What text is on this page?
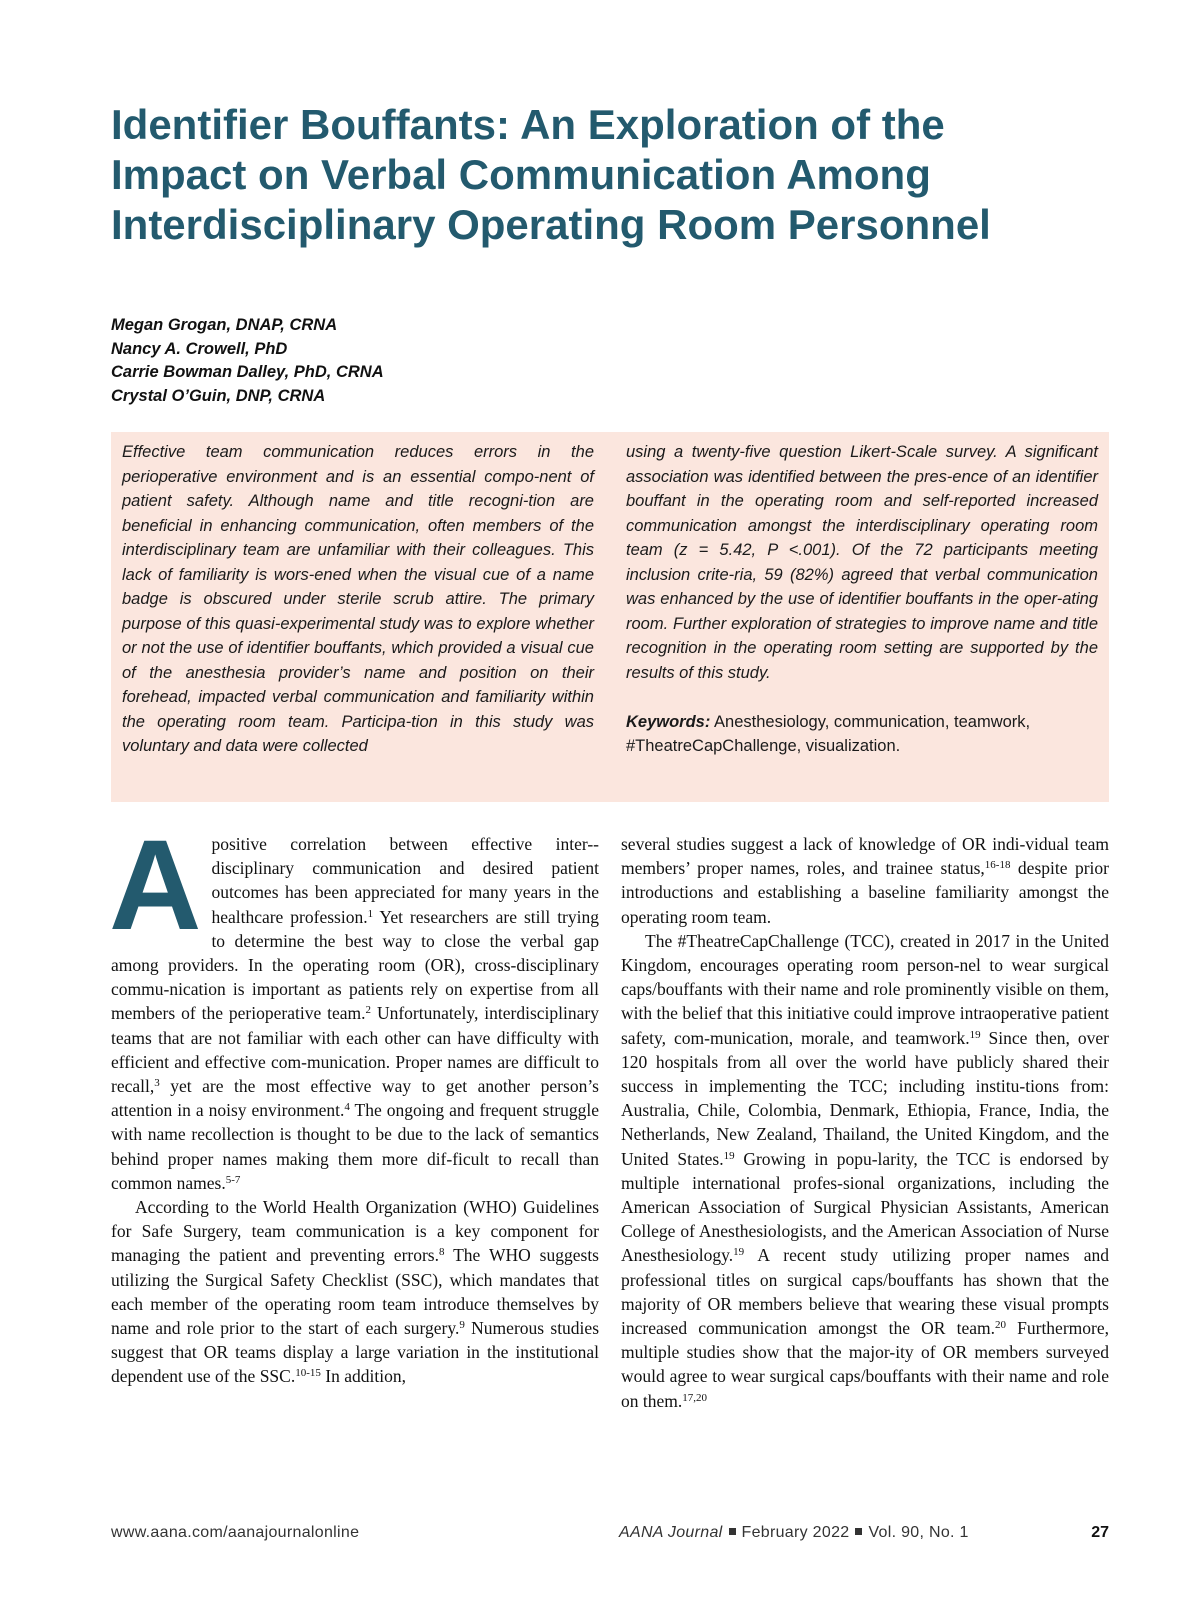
Identifier Bouffants: An Exploration of the
Impact on Verbal Communication Among
Interdisciplinary Operating Room Personnel
Megan Grogan, DNAP, CRNA
Nancy A. Crowell, PhD
Carrie Bowman Dalley, PhD, CRNA
Crystal O’Guin, DNP, CRNA

Effective team communication reduces errors in the perioperative environment and is an essential compo-nent of patient safety. Although name and title recogni-tion are beneficial in enhancing communication, often members of the interdisciplinary team are unfamiliar with their colleagues. This lack of familiarity is wors-ened when the visual cue of a name badge is obscured under sterile scrub attire. The primary purpose of this quasi-experimental study was to explore whether or not the use of identifier bouffants, which provided a visual cue of the anesthesia provider’s name and position on their forehead, impacted verbal communication and familiarity within the operating room team. Participa-tion in this study was voluntary and data were collected

using a twenty-five question Likert-Scale survey. A significant association was identified between the pres-ence of an identifier bouffant in the operating room and self-reported increased communication amongst the interdisciplinary operating room team (z = 5.42, P <.001). Of the 72 participants meeting inclusion crite-ria, 59 (82%) agreed that verbal communication was enhanced by the use of identifier bouffants in the oper-ating room. Further exploration of strategies to improve name and title recognition in the operating room setting are supported by the results of this study.

Keywords: Anesthesiology, communication, teamwork, #TheatreCapChallenge, visualization.

Apositive correlation between effective inter-disciplinary communication and desired patient outcomes has been appreciated for many years in the healthcare profession.$^1$ Yet researchers are still trying to determine the best way to close the verbal gap among providers. In the operating room (OR), cross-disciplinary commu-nication is important as patients rely on expertise from all members of the perioperative team.$^2$ Unfortunately, interdisciplinary teams that are not familiar with each other can have difficulty with efficient and effective com-munication. Proper names are difficult to recall,$^3$ yet are the most effective way to get another person’s attention in a noisy environment.$^4$ The ongoing and frequent struggle with name recollection is thought to be due to the lack of semantics behind proper names making them more dif-ficult to recall than common names.$^{5-7}$

According to the World Health Organization (WHO) Guidelines for Safe Surgery, team communication is a key component for managing the patient and preventing errors.$^8$ The WHO suggests utilizing the Surgical Safety Checklist (SSC), which mandates that each member of the operating room team introduce themselves by name and role prior to the start of each surgery.$^9$ Numerous studies suggest that OR teams display a large variation in the institutional dependent use of the SSC.$^{10-15}$ In addition,

several studies suggest a lack of knowledge of OR indi-vidual team members’ proper names, roles, and trainee status,$^{16-18}$ despite prior introductions and establishing a baseline familiarity amongst the operating room team.

The #TheatreCapChallenge (TCC), created in 2017 in the United Kingdom, encourages operating room person-nel to wear surgical caps/bouffants with their name and role prominently visible on them, with the belief that this initiative could improve intraoperative patient safety, com-munication, morale, and teamwork.$^{19}$ Since then, over 120 hospitals from all over the world have publicly shared their success in implementing the TCC; including institu-tions from: Australia, Chile, Colombia, Denmark, Ethiopia, France, India, the Netherlands, New Zealand, Thailand, the United Kingdom, and the United States.$^{19}$ Growing in popu-larity, the TCC is endorsed by multiple international profes-sional organizations, including the American Association of Surgical Physician Assistants, American College of Anesthesiologists, and the American Association of Nurse Anesthesiology.$^{19}$ A recent study utilizing proper names and professional titles on surgical caps/bouffants has shown that the majority of OR members believe that wearing these visual prompts increased communication amongst the OR team.$^{20}$ Furthermore, multiple studies show that the major-ity of OR members surveyed would agree to wear surgical caps/bouffants with their name and role on them.$^{17,20}$

www.aana.com/aanajournalonline	AANA Journal February 2022 Vol. 90, No. 1	27
